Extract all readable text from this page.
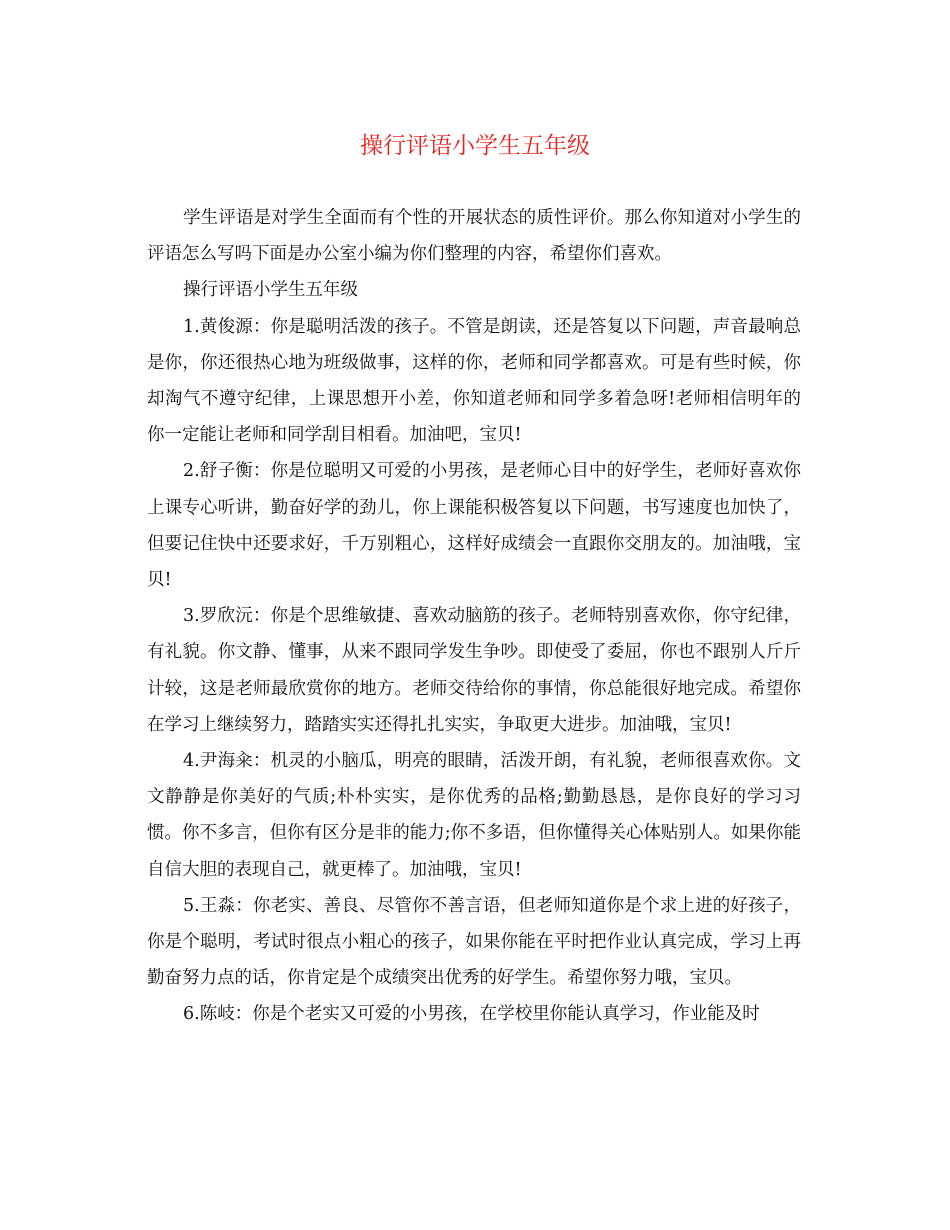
操行评语小学生五年级

学生评语是对学生全面而有个性的开展状态的质性评价。那么你知道对小学生的评语怎么写吗下面是办公室小编为你们整理的内容，希望你们喜欢。

操行评语小学生五年级

1.黄俊源：你是聪明活泼的孩子。不管是朗读，还是答复以下问题，声音最响总是你，你还很热心地为班级做事，这样的你，老师和同学都喜欢。可是有些时候，你却淘气不遵守纪律，上课思想开小差，你知道老师和同学多着急呀!老师相信明年的你一定能让老师和同学刮目相看。加油吧，宝贝!

2.舒子衡：你是位聪明又可爱的小男孩，是老师心目中的好学生，老师好喜欢你上课专心听讲，勤奋好学的劲儿，你上课能积极答复以下问题，书写速度也加快了，但要记住快中还要求好，千万别粗心，这样好成绩会一直跟你交朋友的。加油哦，宝贝!

3.罗欣沅：你是个思维敏捷、喜欢动脑筋的孩子。老师特别喜欢你，你守纪律，有礼貌。你文静、懂事，从来不跟同学发生争吵。即使受了委屈，你也不跟别人斤斤计较，这是老师最欣赏你的地方。老师交待给你的事情，你总能很好地完成。希望你在学习上继续努力，踏踏实实还得扎扎实实，争取更大进步。加油哦，宝贝!

4.尹海籴：机灵的小脑瓜，明亮的眼睛，活泼开朗，有礼貌，老师很喜欢你。文文静静是你美好的气质;朴朴实实，是你优秀的品格;勤勤恳恳，是你良好的学习习惯。你不多言，但你有区分是非的能力;你不多语，但你懂得关心体贴别人。如果你能自信大胆的表现自己，就更棒了。加油哦，宝贝!

5.王淼：你老实、善良、尽管你不善言语，但老师知道你是个求上进的好孩子，你是个聪明，考试时很点小粗心的孩子，如果你能在平时把作业认真完成，学习上再勤奋努力点的话，你肯定是个成绩突出优秀的好学生。希望你努力哦，宝贝。

6.陈岐：你是个老实又可爱的小男孩，在学校里你能认真学习，作业能及时
